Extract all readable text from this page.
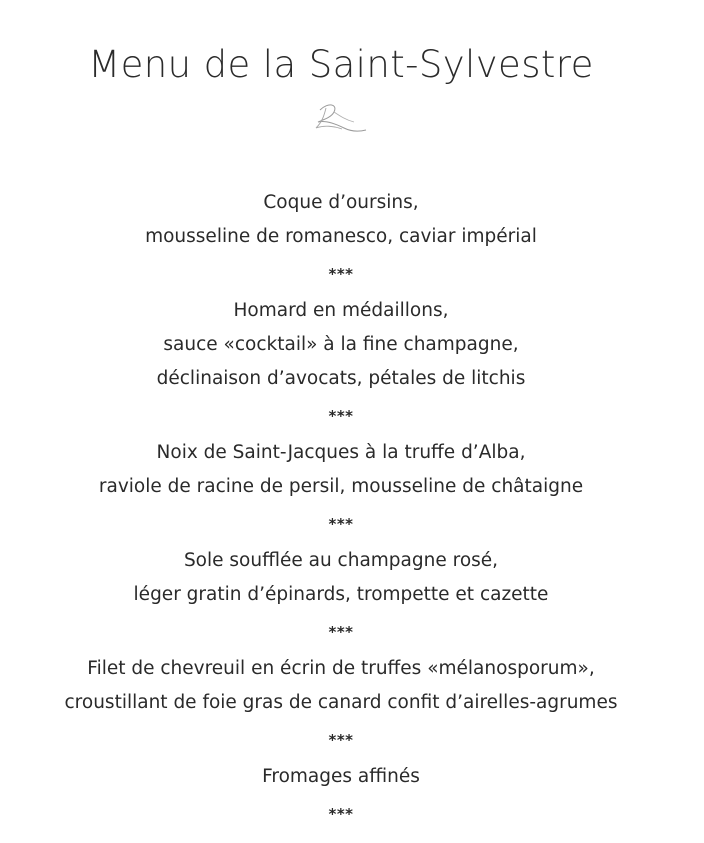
Menu de la Saint-Sylvestre
Coque d’oursins,
mousseline de romanesco, caviar impérial
***
Homard en médaillons,
sauce «cocktail» à la fine champagne,
déclinaison d’avocats, pétales de litchis
***
Noix de Saint-Jacques à la truffe d’Alba,
raviole de racine de persil, mousseline de châtaigne
***
Sole soufflée au champagne rosé,
léger gratin d’épinards, trompette et cazette
***
Filet de chevreuil en écrin de truffes «mélanosporum»,
croustillant de foie gras de canard confit d’airelles-agrumes
***
Fromages affinés
***
